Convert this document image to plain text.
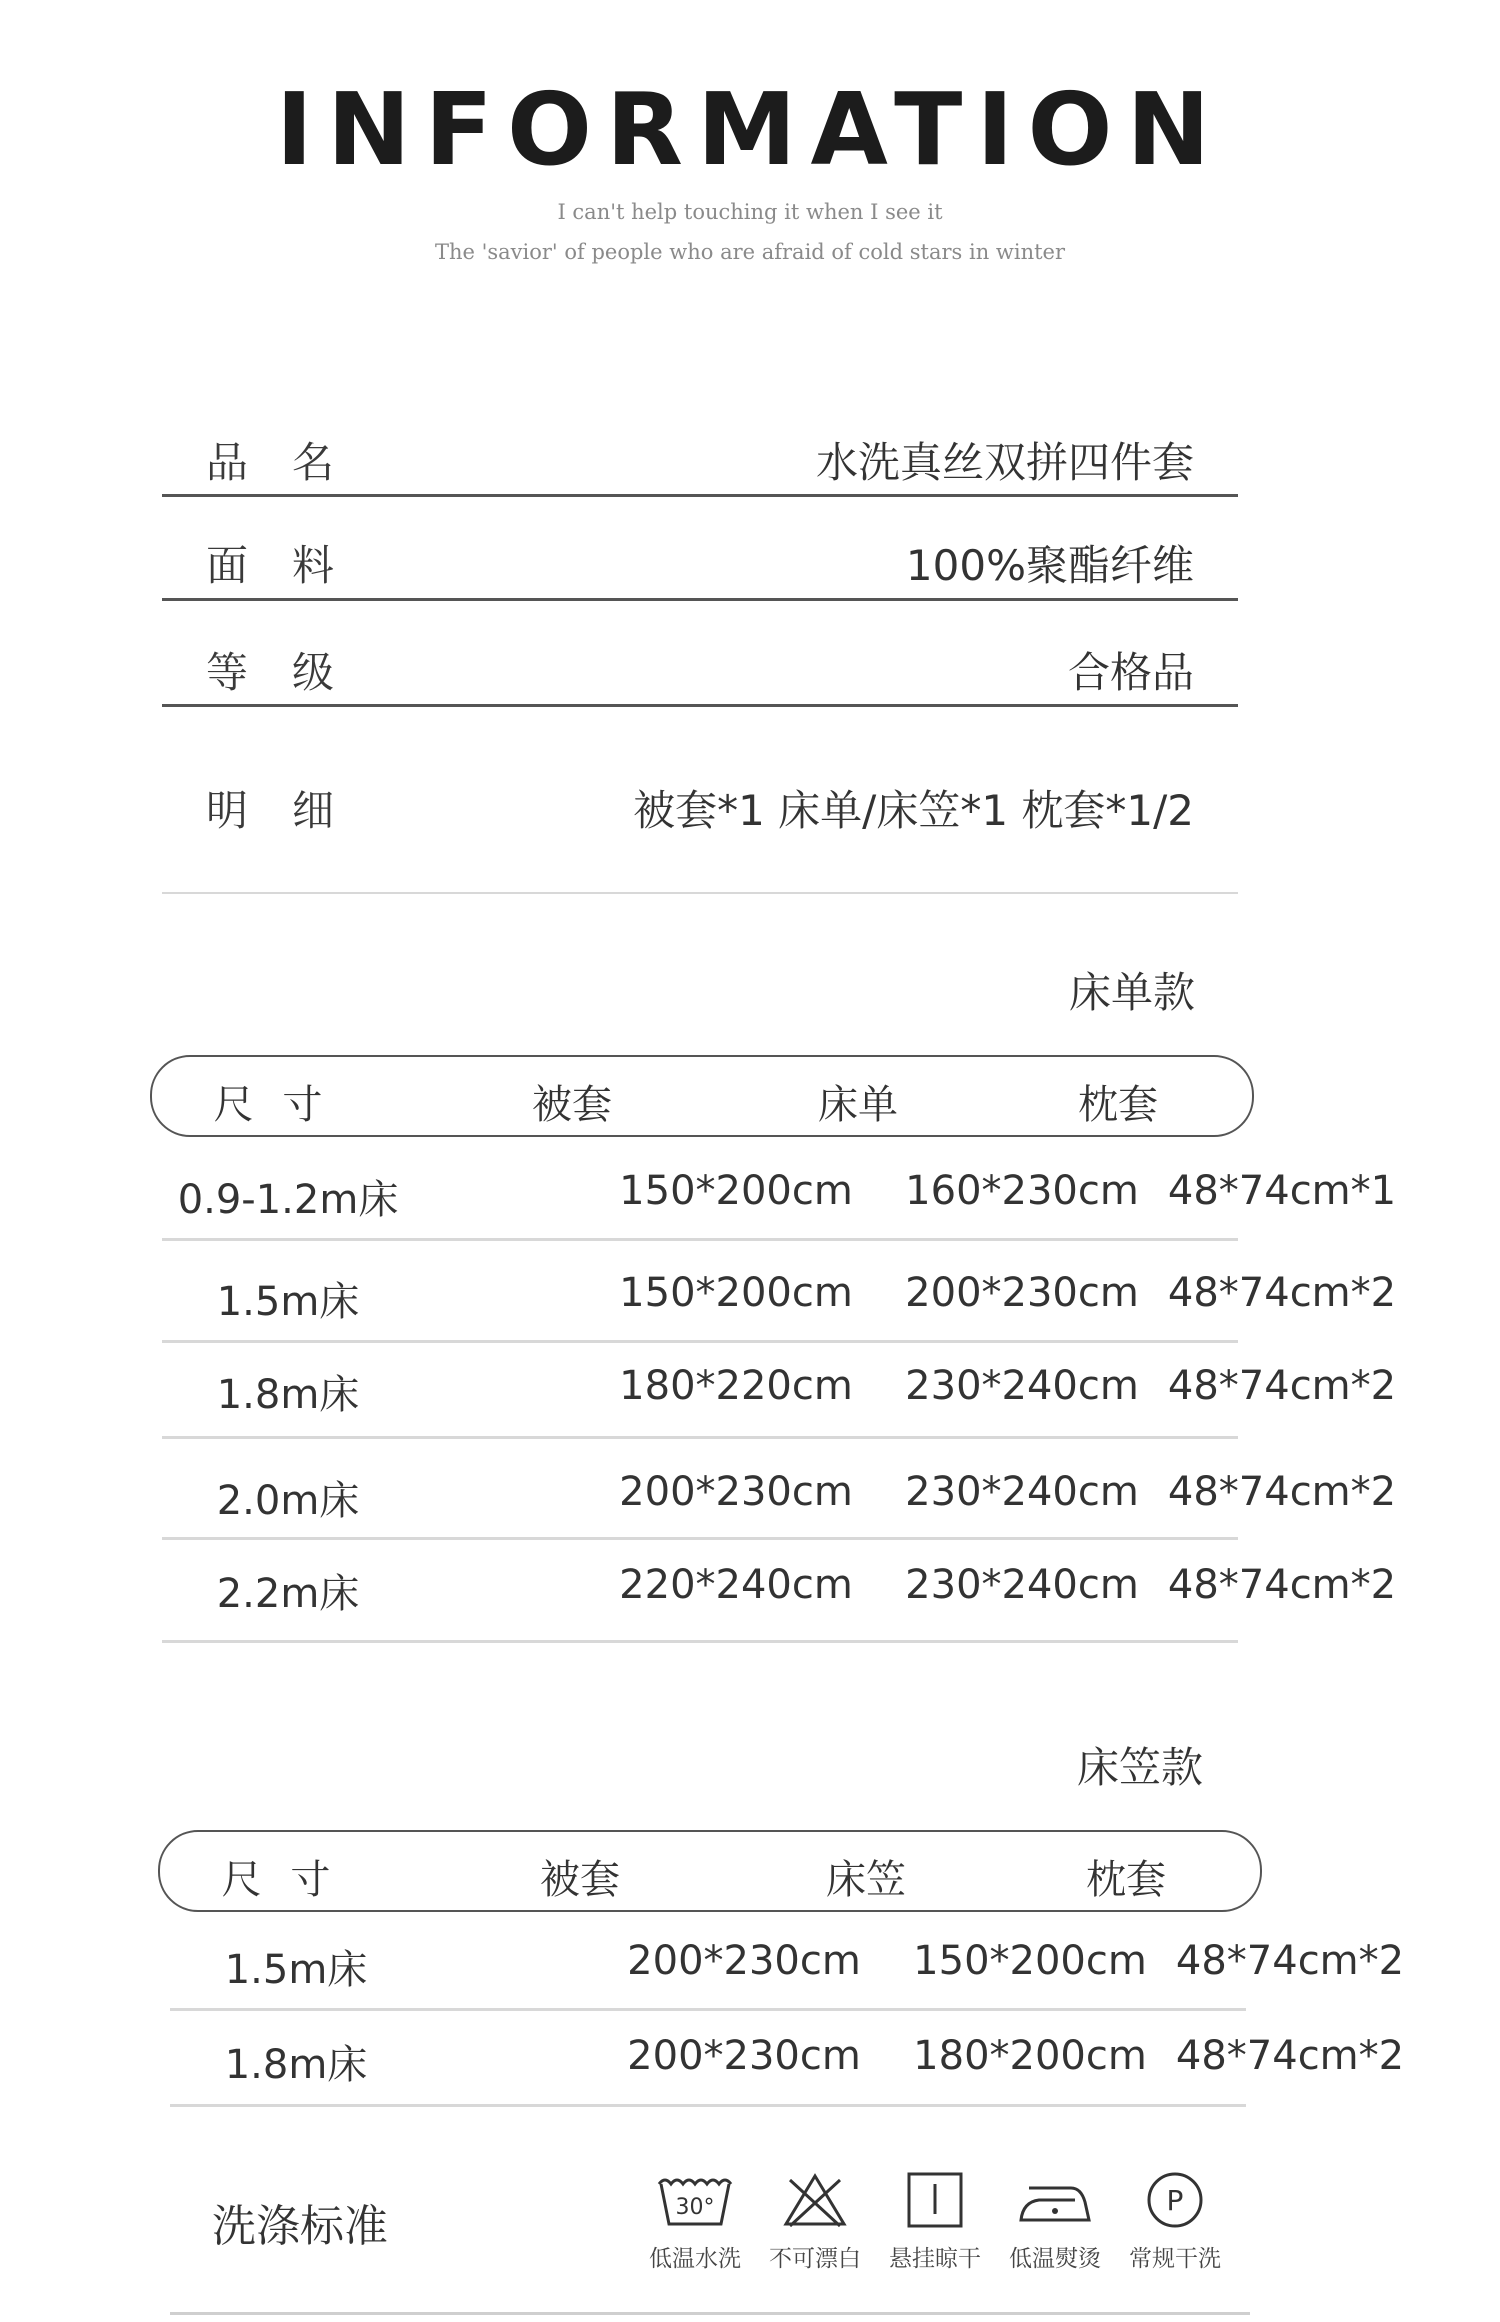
INFORMATION
I can't help touching it when I see it
The 'savior' of people who are afraid of cold stars in winter
品名	水洗真丝双拼四件套
面料	100%聚酯纤维
等级	合格品
明细	被套*1 床单/床笠*1 枕套*1/2
床单款
尺 寸	被套	床单	枕套
0.9-1.2m床	150*200cm	160*230cm 48*74cm*1
1.5m床	150*200cm	200*230cm 48*74cm*2
1.8m床	180*220cm	230*240cm 48*74cm*2
2.0m床	200*230cm	230*240cm 48*74cm*2
2.2m床	220*240cm	230*240cm 48*74cm*2
床笠款
尺 寸	被套	床笠	枕套
1.5m床	200*230cm	150*200cm 48*74cm*2
1.8m床	200*230cm	180*200cm 48*74cm*2
洗涤标准	30°
低温水洗	不可漂白	悬挂晾干	低温熨烫
P
常规干洗
